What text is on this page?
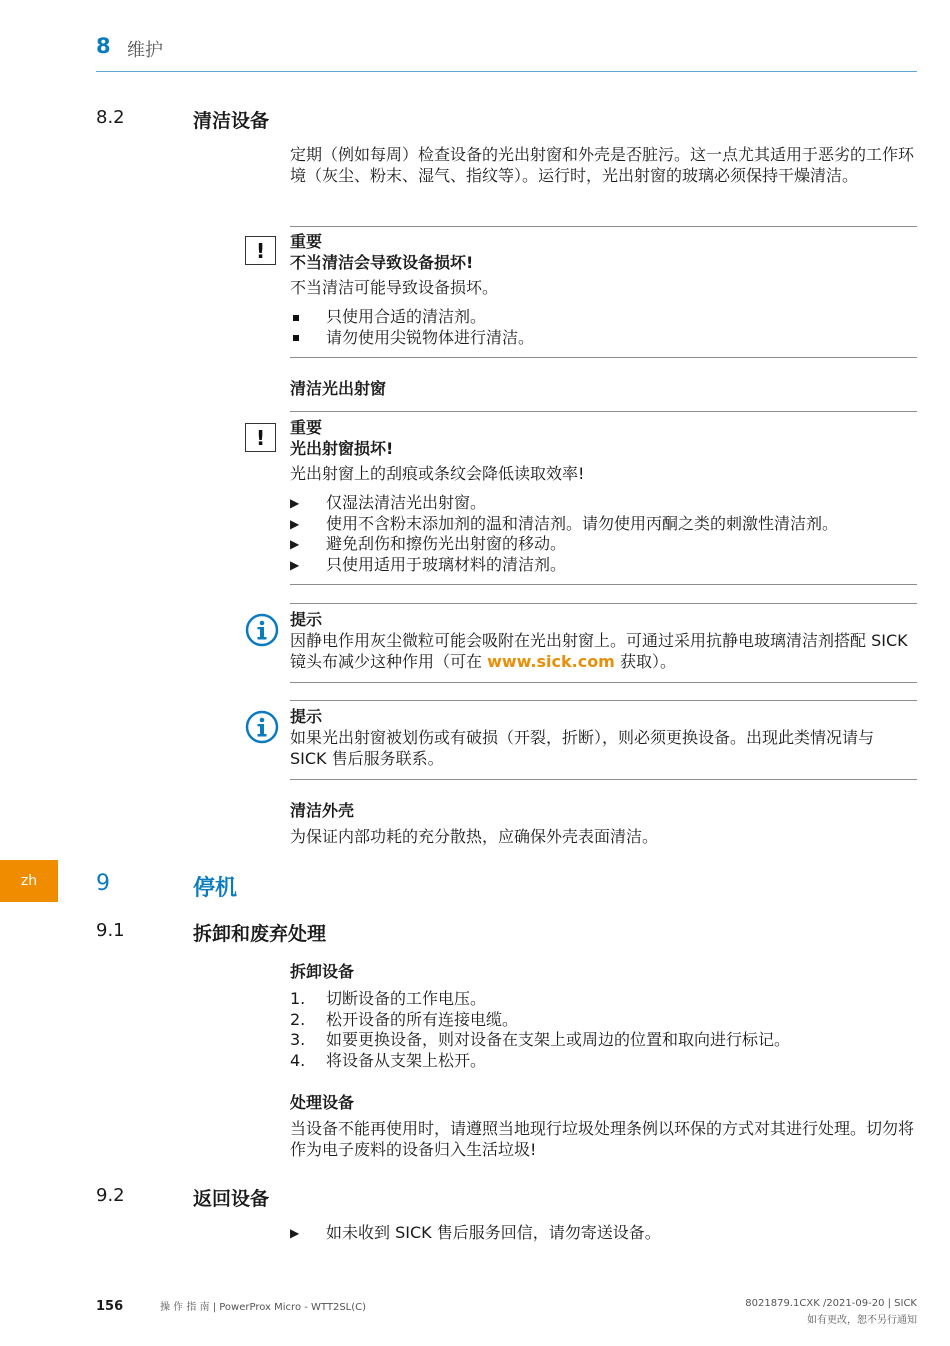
8 维护
8.2	清洁设备
定期（例如每周）检查设备的光出射窗和外壳是否脏污。这一点尤其适用于恶劣的工作环境（灰尘、粉末、湿气、指纹等）。运行时，光出射窗的玻璃必须保持干燥清洁。
!	重要
不当清洁会导致设备损坏!
不当清洁可能导致设备损坏。
只使用合适的清洁剂。
请勿使用尖锐物体进行清洁。
清洁光出射窗
!	重要
光出射窗损坏!
光出射窗上的刮痕或条纹会降低读取效率!
▶	仅湿法清洁光出射窗。
▶	使用不含粉末添加剂的温和清洁剂。请勿使用丙酮之类的刺激性清洁剂。
▶	避免刮伤和擦伤光出射窗的移动。
▶	只使用适用于玻璃材料的清洁剂。
提示
因静电作用灰尘微粒可能会吸附在光出射窗上。可通过采用抗静电玻璃清洁剂搭配 SICK 镜头布减少这种作用（可在 www.sick.com 获取）。
提示
如果光出射窗被划伤或有破损（开裂，折断），则必须更换设备。出现此类情况请与 SICK 售后服务联系。
清洁外壳
为保证内部功耗的充分散热，应确保外壳表面清洁。
zh	9	停机
9.1	拆卸和废弃处理
拆卸设备
1.	切断设备的工作电压。
2.	松开设备的所有连接电缆。
3.	如要更换设备，则对设备在支架上或周边的位置和取向进行标记。
4.	将设备从支架上松开。
处理设备
当设备不能再使用时，请遵照当地现行垃圾处理条例以环保的方式对其进行处理。切勿将作为电子废料的设备归入生活垃圾!
9.2	返回设备
▶	如未收到 SICK 售后服务回信，请勿寄送设备。
156	操 作 指 南 | PowerProx Micro - WTT2SL(C)	8021879.1CXK /2021-09-20 | SICK
如有更改，恕不另行通知
